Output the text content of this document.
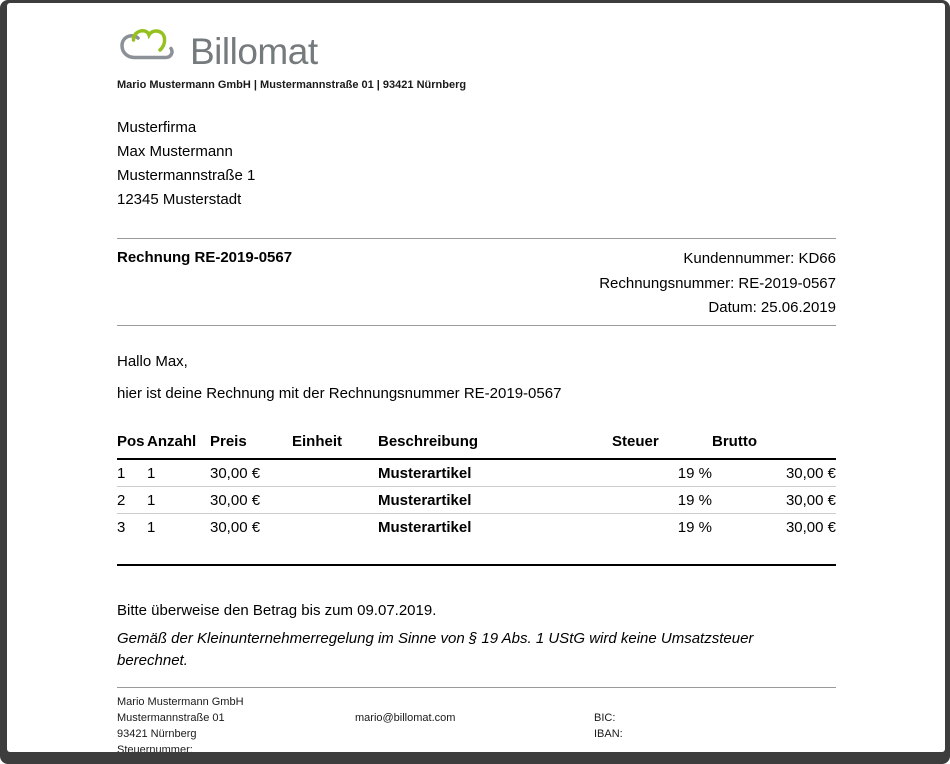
Billomat
Mario Mustermann GmbH | Mustermannstraße 01 | 93421 Nürnberg
Musterfirma
Max Mustermann
Mustermannstraße 1
12345 Musterstadt
Rechnung RE-2019-0567	Kundennummer: KD66
Rechnungsnummer: RE-2019-0567
Datum: 25.06.2019
Hallo Max,
hier ist deine Rechnung mit der Rechnungsnummer RE-2019-0567
Pos	Anzahl	Preis	Einheit	Beschreibung	Steuer	Brutto
1	1	30,00 €		Musterartikel	19 %	30,00 €
2	1	30,00 €		Musterartikel	19 %	30,00 €
3	1	30,00 €		Musterartikel	19 %	30,00 €
Bitte überweise den Betrag bis zum 09.07.2019.
Gemäß der Kleinunternehmerregelung im Sinne von § 19 Abs. 1 UStG wird keine Umsatzsteuer berechnet.
Mario Mustermann GmbH
Mustermannstraße 01
93421 Nürnberg
Steuernummer:
mario@billomat.com	BIC:
IBAN:
